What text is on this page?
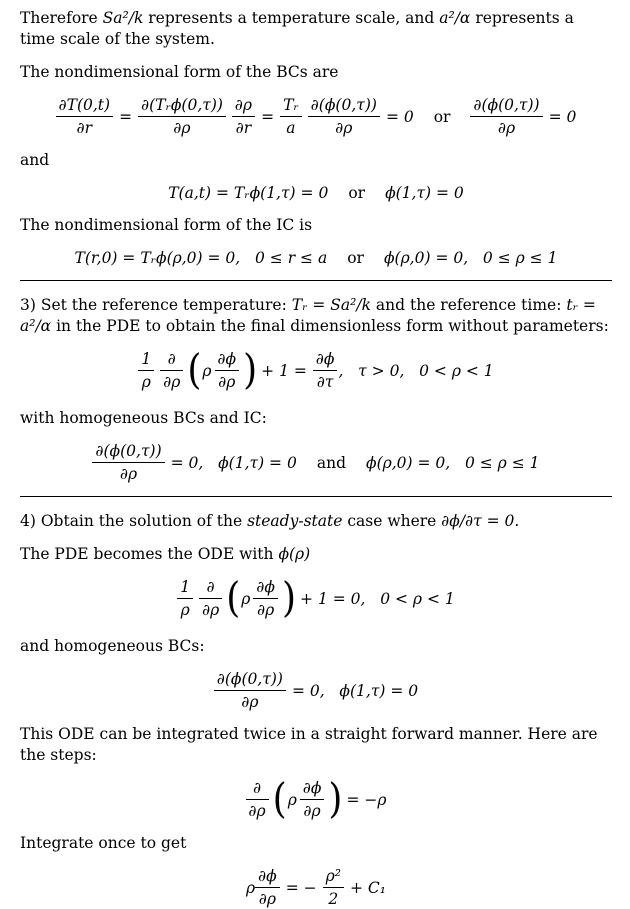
Therefore Sa²/k represents a temperature scale, and a²/α represents a time scale of the system.

The nondimensional form of the BCs are

$\frac{\partial T(0,t)}{\partial r} = \frac{\text{∂(Tᵣϕ(0,τ))}}{\partial\rho} \frac{\partial\rho}{\partial r} = \frac{\text{Tᵣ}}{a} \frac{\partial(\phi(0,\tau))}{\partial\rho} = 0$ or $\frac{\partial(\phi(0,\tau))}{\partial\rho} = 0$

and

T(a,t) = Tᵣϕ(1,τ) = 0 or ϕ(1,τ) = 0

The nondimensional form of the IC is

T(r,0) = Tᵣϕ(ρ,0) = 0,   0 ≤ r ≤ a or ϕ(ρ,0) = 0,   0 ≤ ρ ≤ 1

3) Set the reference temperature: Tᵣ = Sa²/k and the reference time: tᵣ = a²/α in the PDE to obtain the final dimensionless form without parameters:

$\frac{1}{\rho} \frac{\partial}{\partial\rho}$ ( ρ $\frac{\partial\phi}{\partial\rho}$ ) + $1 = \frac{\partial\phi}{\partial\tau}$ ,   τ > 0,   0 < ρ < 1

with homogeneous BCs and IC:

$\frac{\partial(\phi(0,\tau))}{\partial\rho} = 0$,   ϕ(1,τ) = 0 and ϕ(ρ,0) = 0,   0 ≤ ρ ≤ 1

4) Obtain the solution of the steady-state case where ∂ϕ/∂τ = 0.

The PDE becomes the ODE with ϕ(ρ)

$\frac{1}{\rho} \frac{\partial}{\partial\rho}$ ( ρ $\frac{\partial\phi}{\partial\rho}$ ) + 1 = 0,   0 < ρ < 1

and homogeneous BCs:

$\frac{\partial(\phi(0,\tau))}{\partial\rho} = 0$,   ϕ(1,τ) = 0

This ODE can be integrated twice in a straight forward manner. Here are the steps:

$\frac{\partial}{\partial\rho}$ ( ρ $\frac{\partial\phi}{\partial\rho}$ ) = −ρ

Integrate once to get

ρ $\frac{\partial\phi}{\partial\rho}$ = − $\frac{\text{ρ²}}{2} + C_1$
